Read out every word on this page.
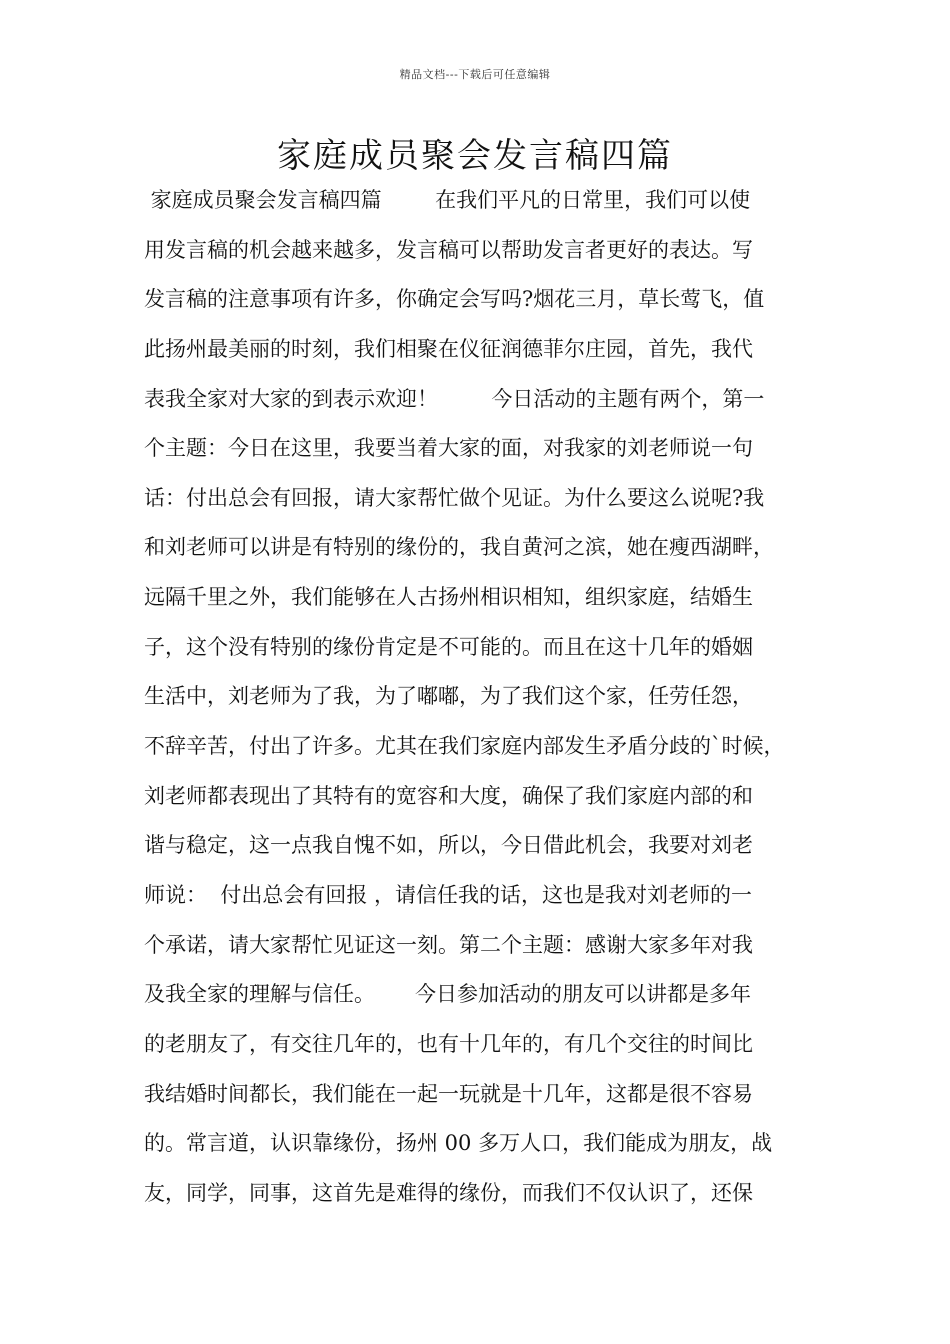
精品文档---下载后可任意编辑
家庭成员聚会发言稿四篇
家庭成员聚会发言稿四篇        在我们平凡的日常里，我们可以使
用发言稿的机会越来越多，发言稿可以帮助发言者更好的表达。写
发言稿的注意事项有许多，你确定会写吗?烟花三月，草长莺飞，值
此扬州最美丽的时刻，我们相聚在仪征润德菲尔庄园，首先，我代
表我全家对大家的到表示欢迎！        今日活动的主题有两个，第一
个主题：今日在这里，我要当着大家的面，对我家的刘老师说一句
话：付出总会有回报，请大家帮忙做个见证。为什么要这么说呢?我
和刘老师可以讲是有特别的缘份的，我自黄河之滨，她在瘦西湖畔，
远隔千里之外，我们能够在人古扬州相识相知，组织家庭，结婚生
子，这个没有特别的缘份肯定是不可能的。而且在这十几年的婚姻
生活中，刘老师为了我，为了嘟嘟，为了我们这个家，任劳任怨，
不辞辛苦，付出了许多。尤其在我们家庭内部发生矛盾分歧的`时候，
刘老师都表现出了其特有的宽容和大度，确保了我们家庭内部的和
谐与稳定，这一点我自愧不如，所以，今日借此机会，我要对刘老
师说：  付出总会有回报 ，请信任我的话，这也是我对刘老师的一
个承诺，请大家帮忙见证这一刻。第二个主题：感谢大家多年对我
及我全家的理解与信任。      今日参加活动的朋友可以讲都是多年
的老朋友了，有交往几年的，也有十几年的，有几个交往的时间比
我结婚时间都长，我们能在一起一玩就是十几年，这都是很不容易
的。常言道，认识靠缘份，扬州 00 多万人口，我们能成为朋友，战
友，同学，同事，这首先是难得的缘份，而我们不仅认识了，还保
